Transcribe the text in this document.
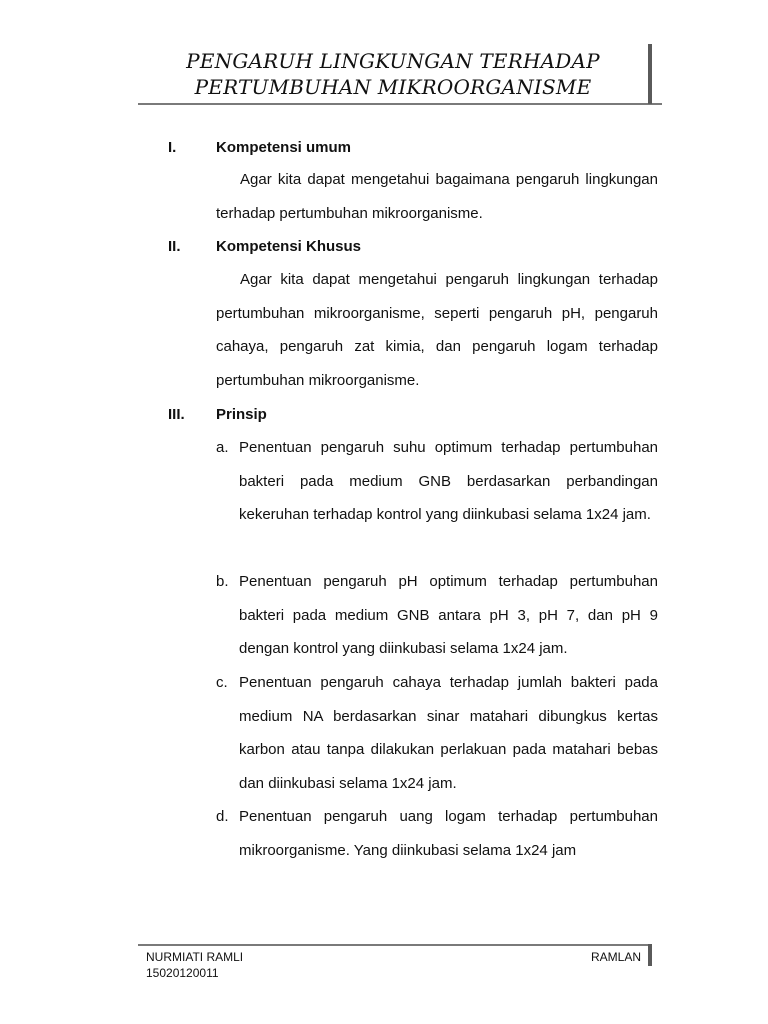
PENGARUH LINGKUNGAN TERHADAP
PERTUMBUHAN MIKROORGANISME
I.	Kompetensi umum
Agar kita dapat mengetahui bagaimana pengaruh lingkungan terhadap pertumbuhan mikroorganisme.
II. Kompetensi Khusus
Agar kita dapat mengetahui pengaruh lingkungan terhadap pertumbuhan mikroorganisme, seperti pengaruh pH, pengaruh cahaya, pengaruh zat kimia, dan pengaruh logam terhadap pertumbuhan mikroorganisme.
III. Prinsip
a. Penentuan pengaruh suhu optimum terhadap pertumbuhan bakteri pada medium GNB berdasarkan perbandingan kekeruhan terhadap kontrol yang diinkubasi selama 1x24 jam.
b. Penentuan pengaruh pH optimum terhadap pertumbuhan bakteri pada medium GNB antara pH 3, pH 7, dan pH 9 dengan kontrol yang diinkubasi selama 1x24 jam.
c. Penentuan pengaruh cahaya terhadap jumlah bakteri pada medium NA berdasarkan sinar matahari dibungkus kertas karbon atau tanpa dilakukan perlakuan pada matahari bebas dan diinkubasi selama 1x24 jam.
d. Penentuan pengaruh uang logam terhadap pertumbuhan mikroorganisme. Yang diinkubasi selama 1x24 jam
NURMIATI RAMLI
15020120011
RAMLAN
